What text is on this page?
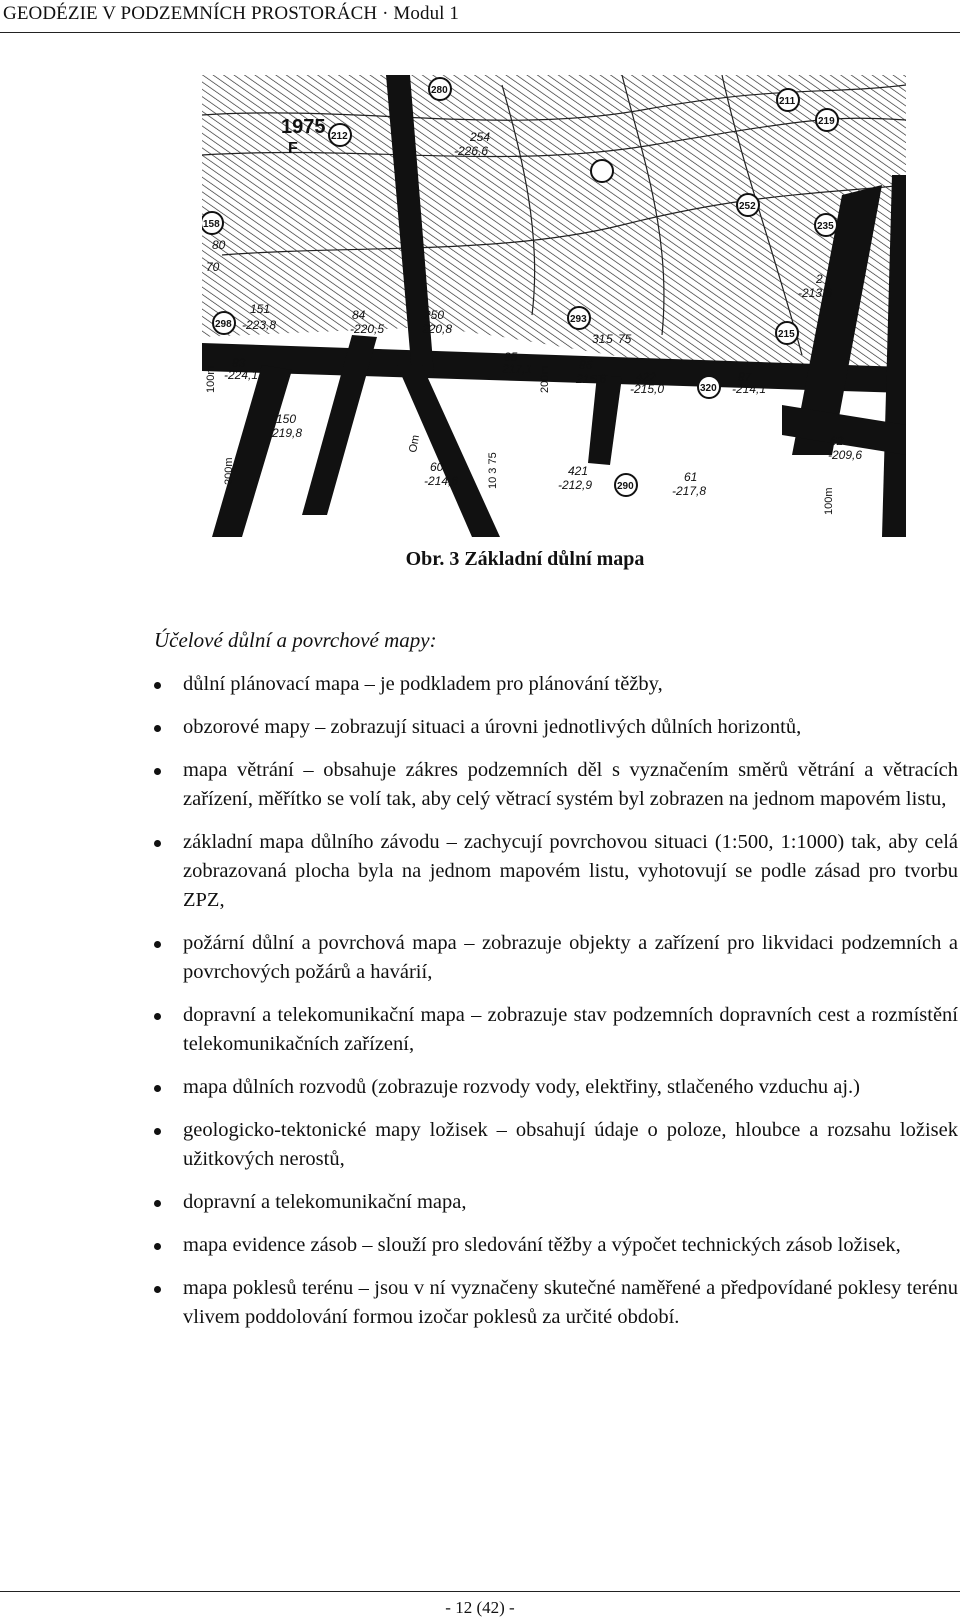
GEODÉZIE V PODZEMNÍCH PROSTORÁCH · Modul 1
1975
F
280
212
211
219
158
252
235
298	293
215
320
290
151
-223,8
84
-220,5
250
-220,8
83
-224,1
85
-217,1	86
-215,6 422
-215,0
87
-214,1
150
-219,8
60
-214,6
421
-212,9
61
-217,8
2
-213,6
62
-209,6
254
-226,6
31 5 75
70
80
100m
200m
200m
100m
Om
10 3 75
Obr. 3 Základní důlní mapa
Účelové důlní a povrchové mapy:
důlní plánovací mapa – je podkladem pro plánování těžby,
obzorové mapy – zobrazují situaci a úrovni jednotlivých důlních horizontů,
mapa větrání – obsahuje zákres podzemních děl s vyznačením směrů větrání a větracích zařízení, měřítko se volí tak, aby celý větrací systém byl zobrazen na jednom mapovém listu,
základní mapa důlního závodu – zachycují povrchovou situaci (1:500, 1:1000) tak, aby celá zobrazovaná plocha byla na jednom mapovém listu, vyhotovují se podle zásad pro tvorbu ZPZ,
požární důlní a povrchová mapa – zobrazuje objekty a zařízení pro likvidaci podzemních a povrchových požárů a havárií,
dopravní a telekomunikační mapa – zobrazuje stav podzemních dopravních cest a rozmístění telekomunikačních zařízení,
mapa důlních rozvodů (zobrazuje rozvody vody, elektřiny, stlačeného vzduchu aj.)
geologicko-tektonické mapy ložisek – obsahují údaje o poloze, hloubce a rozsahu ložisek užitkových nerostů,
dopravní a telekomunikační mapa,
mapa evidence zásob – slouží pro sledování těžby a výpočet technických zásob ložisek,
mapa poklesů terénu – jsou v ní vyznačeny skutečné naměřené a předpovídané poklesy terénu vlivem poddolování formou izočar poklesů za určité období.
- 12 (42) -
